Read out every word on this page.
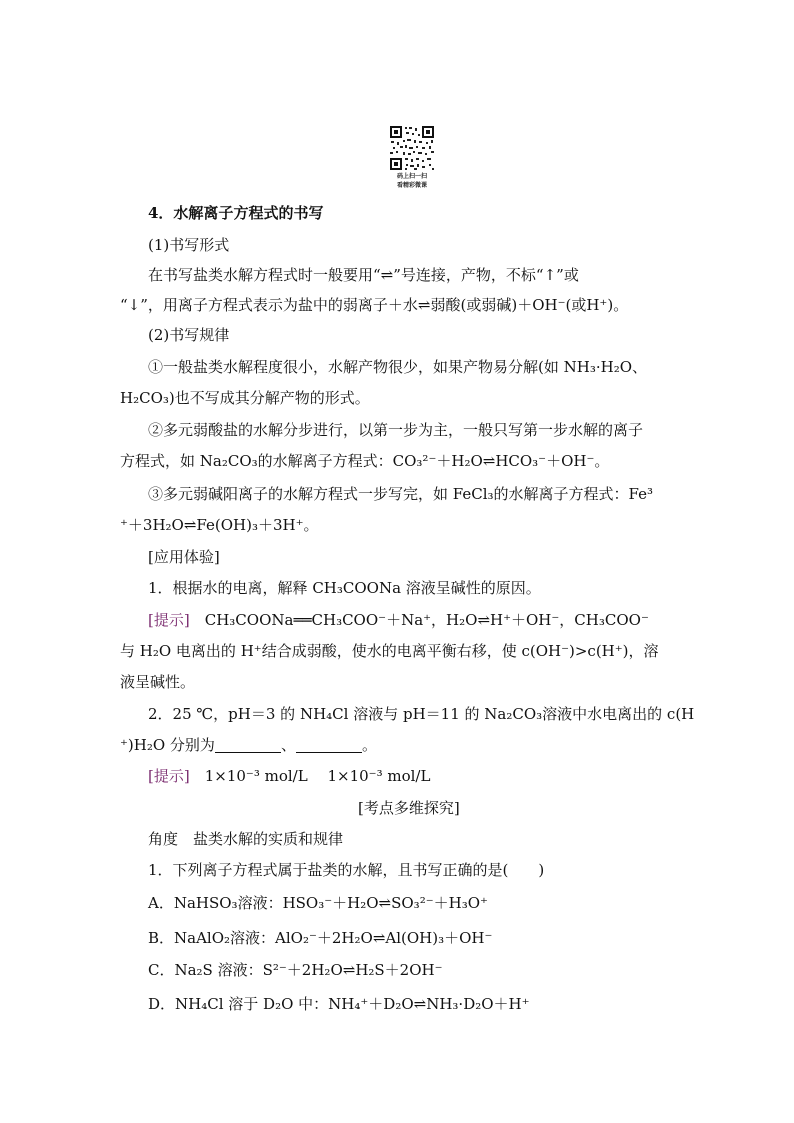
码上扫一扫
看精彩微课
4．水解离子方程式的书写
(1)书写形式
在书写盐类水解方程式时一般要用“⇌”号连接，产物，不标“↑”或
“↓”，用离子方程式表示为盐中的弱离子＋水⇌弱酸(或弱碱)＋OH⁻(或H⁺)。
(2)书写规律
①一般盐类水解程度很小，水解产物很少，如果产物易分解(如 NH₃·H₂O、
H₂CO₃)也不写成其分解产物的形式。
②多元弱酸盐的水解分步进行，以第一步为主，一般只写第一步水解的离子
方程式，如 Na₂CO₃的水解离子方程式：CO₃²⁻＋H₂O⇌HCO₃⁻＋OH⁻。
③多元弱碱阳离子的水解方程式一步写完，如 FeCl₃的水解离子方程式：Fe³
⁺＋3H₂O⇌Fe(OH)₃＋3H⁺。
[应用体验]
1．根据水的电离，解释 CH₃COONa 溶液呈碱性的原因。
[提示]　 CH₃COONa══CH₃COO⁻＋Na⁺，H₂O⇌H⁺＋OH⁻，CH₃COO⁻
与 H₂O 电离出的 H⁺结合成弱酸，使水的电离平衡右移，使 c(OH⁻)>c(H⁺)，溶
液呈碱性。
2．25 ℃，pH＝3 的 NH₄Cl 溶液与 pH＝11 的 Na₂CO₃溶液中水电离出的 c(H
⁺)H₂O 分别为	、	。
[提示]　 1×10⁻³ mol/L　 1×10⁻³ mol/L
[考点多维探究]
角度　盐类水解的实质和规律
1．下列离子方程式属于盐类的水解，且书写正确的是(　　)
A．NaHSO₃溶液：HSO₃⁻＋H₂O⇌SO₃²⁻＋H₃O⁺
B．NaAlO₂溶液：AlO₂⁻＋2H₂O⇌Al(OH)₃＋OH⁻
C．Na₂S 溶液：S²⁻＋2H₂O⇌H₂S＋2OH⁻
D．NH₄Cl 溶于 D₂O 中：NH₄⁺＋D₂O⇌NH₃·D₂O＋H⁺
